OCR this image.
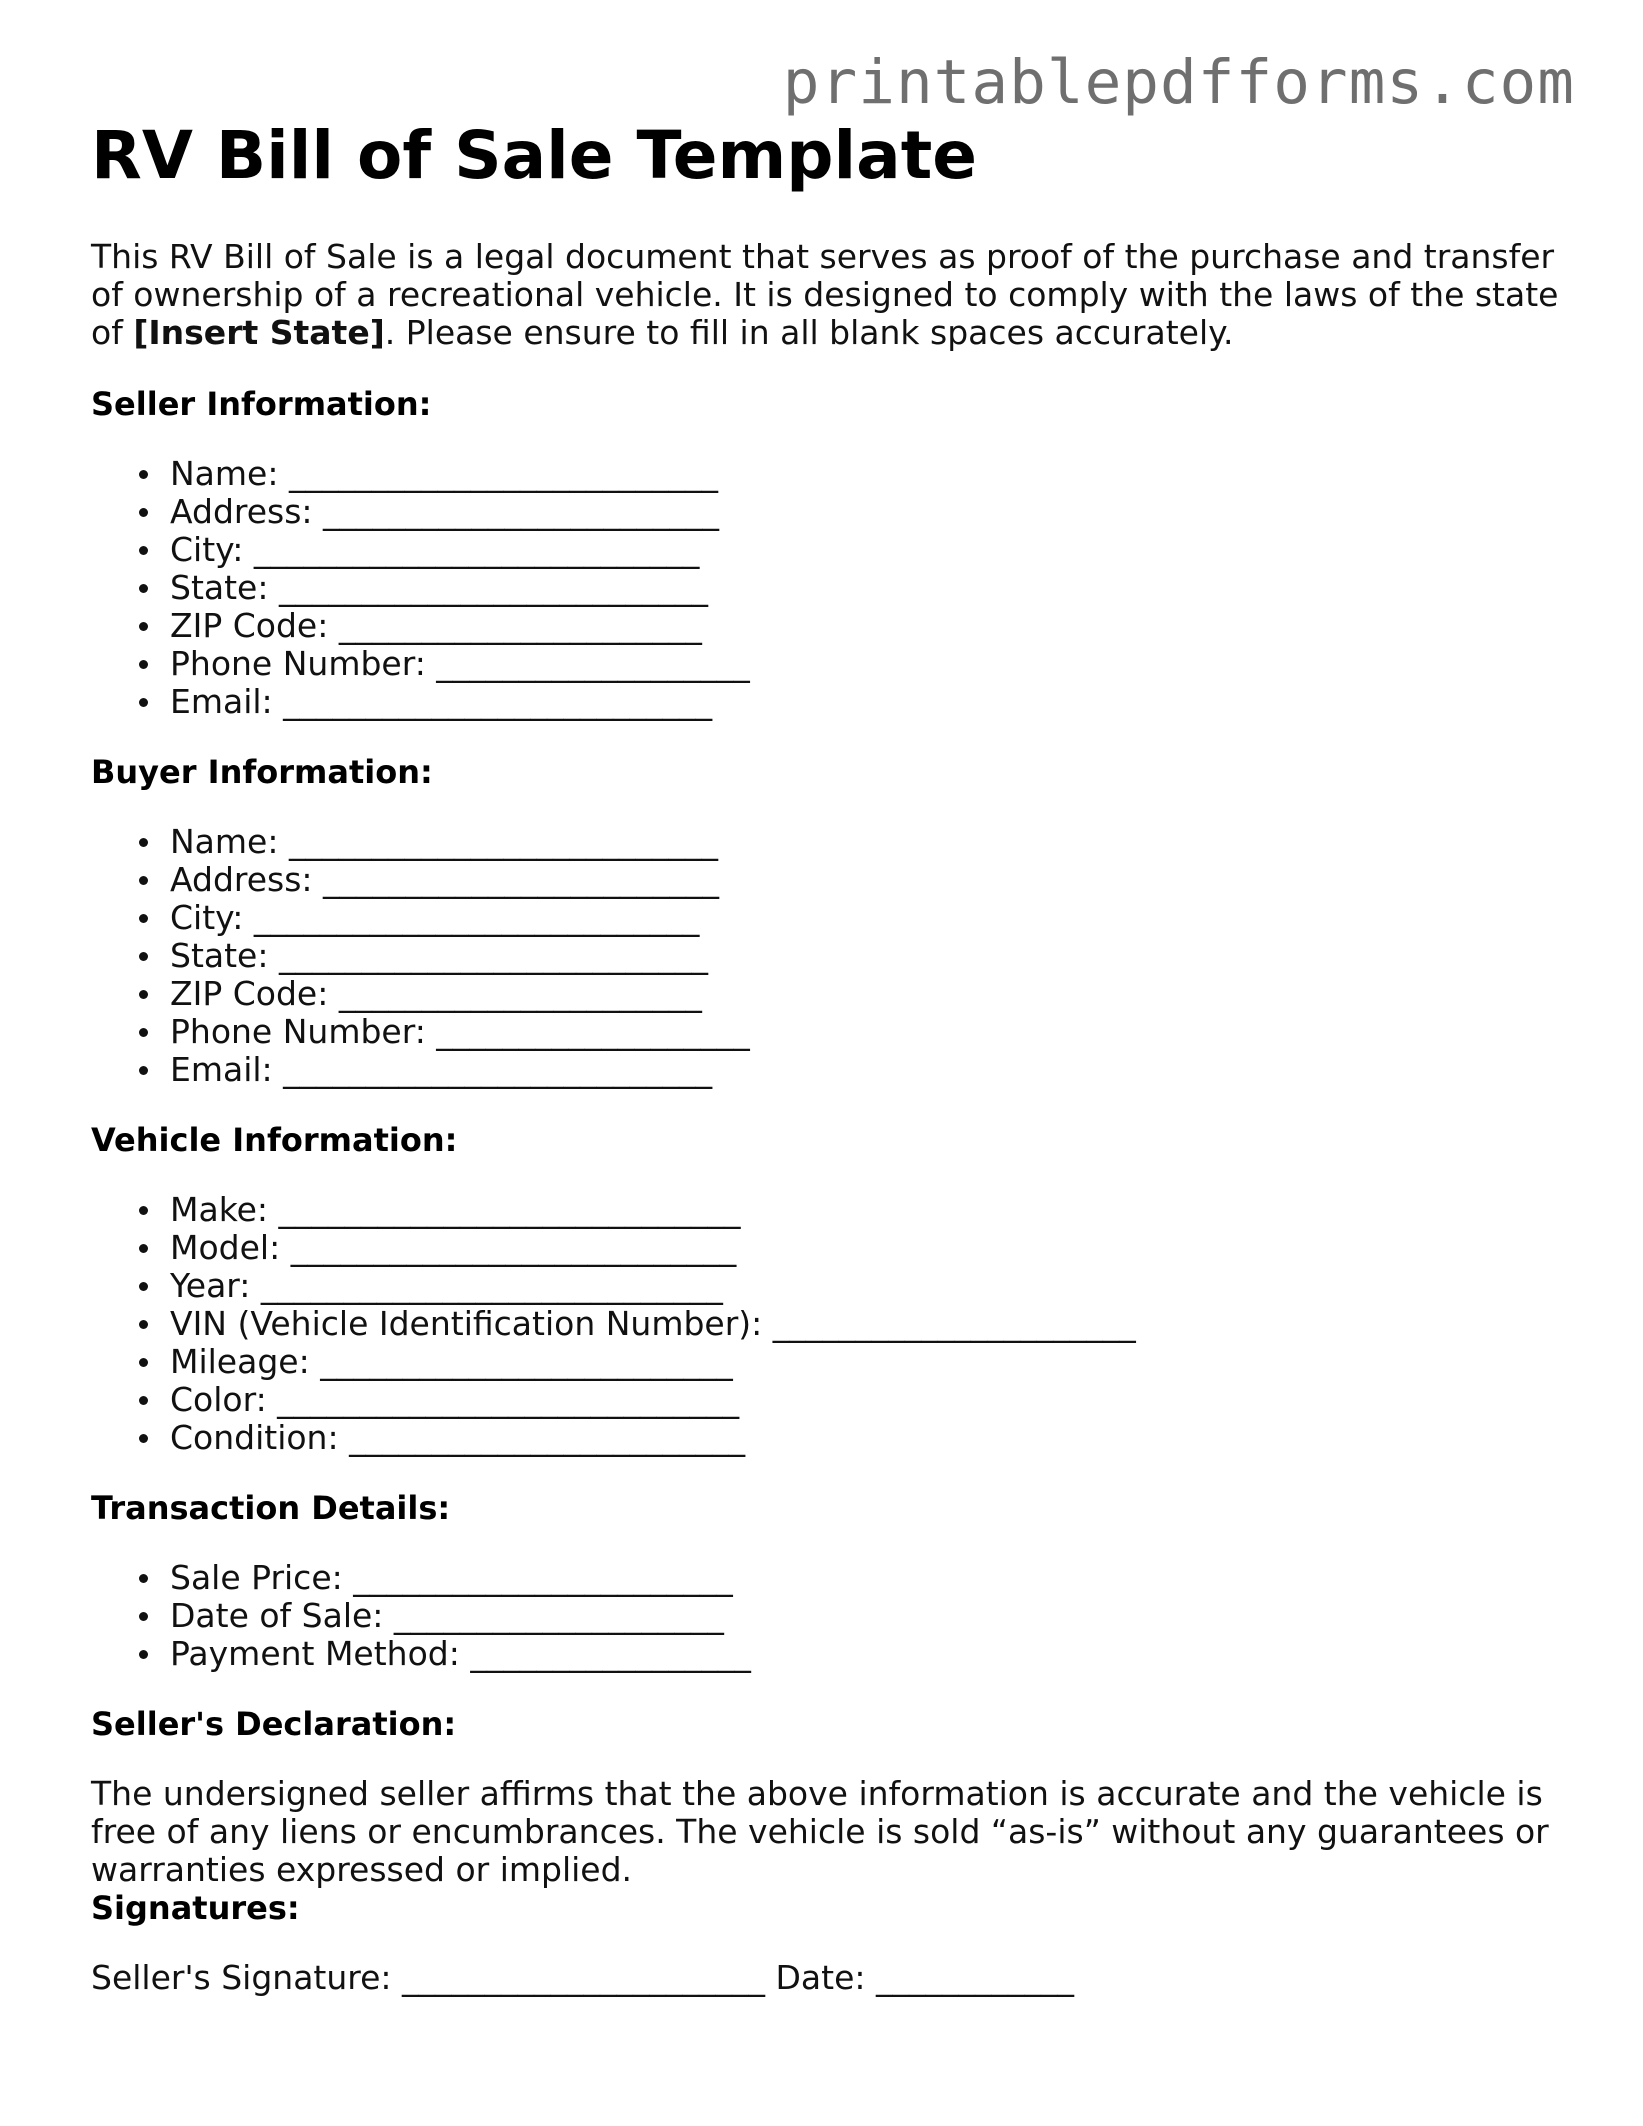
printablepdfforms.com
RV Bill of Sale Template

This RV Bill of Sale is a legal document that serves as proof of the purchase and transfer of ownership of a recreational vehicle. It is designed to comply with the laws of the state of [Insert State]. Please ensure to fill in all blank spaces accurately.

Seller Information:
Name: __________________________
Address: ________________________
City: ___________________________
State: __________________________
ZIP Code: ______________________
Phone Number: ___________________
Email: __________________________
Buyer Information:
Name: __________________________
Address: ________________________
City: ___________________________
State: __________________________
ZIP Code: ______________________
Phone Number: ___________________
Email: __________________________
Vehicle Information:
Make: ____________________________
Model: ___________________________
Year: ____________________________
VIN (Vehicle Identification Number): ______________________
Mileage: _________________________
Color: ____________________________
Condition: ________________________
Transaction Details:
Sale Price: _______________________
Date of Sale: ____________________
Payment Method: _________________
Seller's Declaration:

The undersigned seller affirms that the above information is accurate and the vehicle is free of any liens or encumbrances. The vehicle is sold “as-is” without any guarantees or warranties expressed or implied.

Signatures:

Seller's Signature: ______________________ Date: ____________
